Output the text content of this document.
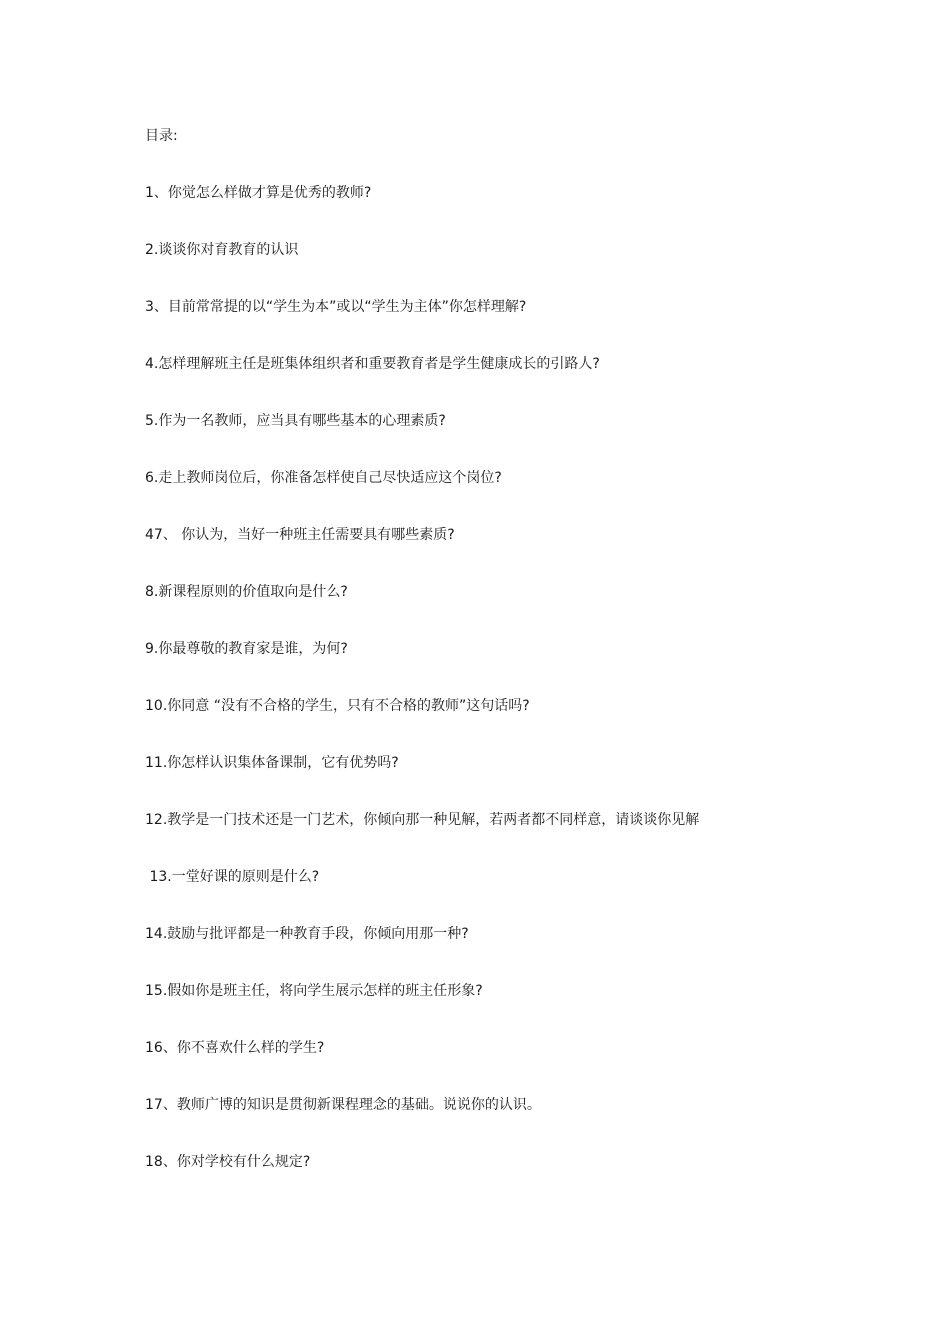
目录:
1、你觉怎么样做才算是优秀的教师?
2.谈谈你对育教育的认识
3、目前常常提的以“学生为本”或以“学生为主体”你怎样理解?
4.怎样理解班主任是班集体组织者和重要教育者是学生健康成长的引路人?
5.作为一名教师，应当具有哪些基本的心理素质?
6.走上教师岗位后，你准备怎样使自己尽快适应这个岗位?
47、 你认为，当好一种班主任需要具有哪些素质?
8.新课程原则的价值取向是什么?
9.你最尊敬的教育家是谁，为何?
10.你同意 “没有不合格的学生，只有不合格的教师”这句话吗?
11.你怎样认识集体备课制，它有优势吗?
12.教学是一门技术还是一门艺术，你倾向那一种见解，若两者都不同样意，请谈谈你见解
13.一堂好课的原则是什么?
14.鼓励与批评都是一种教育手段，你倾向用那一种?
15.假如你是班主任，将向学生展示怎样的班主任形象?
16、你不喜欢什么样的学生?
17、教师广博的知识是贯彻新课程理念的基础。说说你的认识。
18、你对学校有什么规定?
